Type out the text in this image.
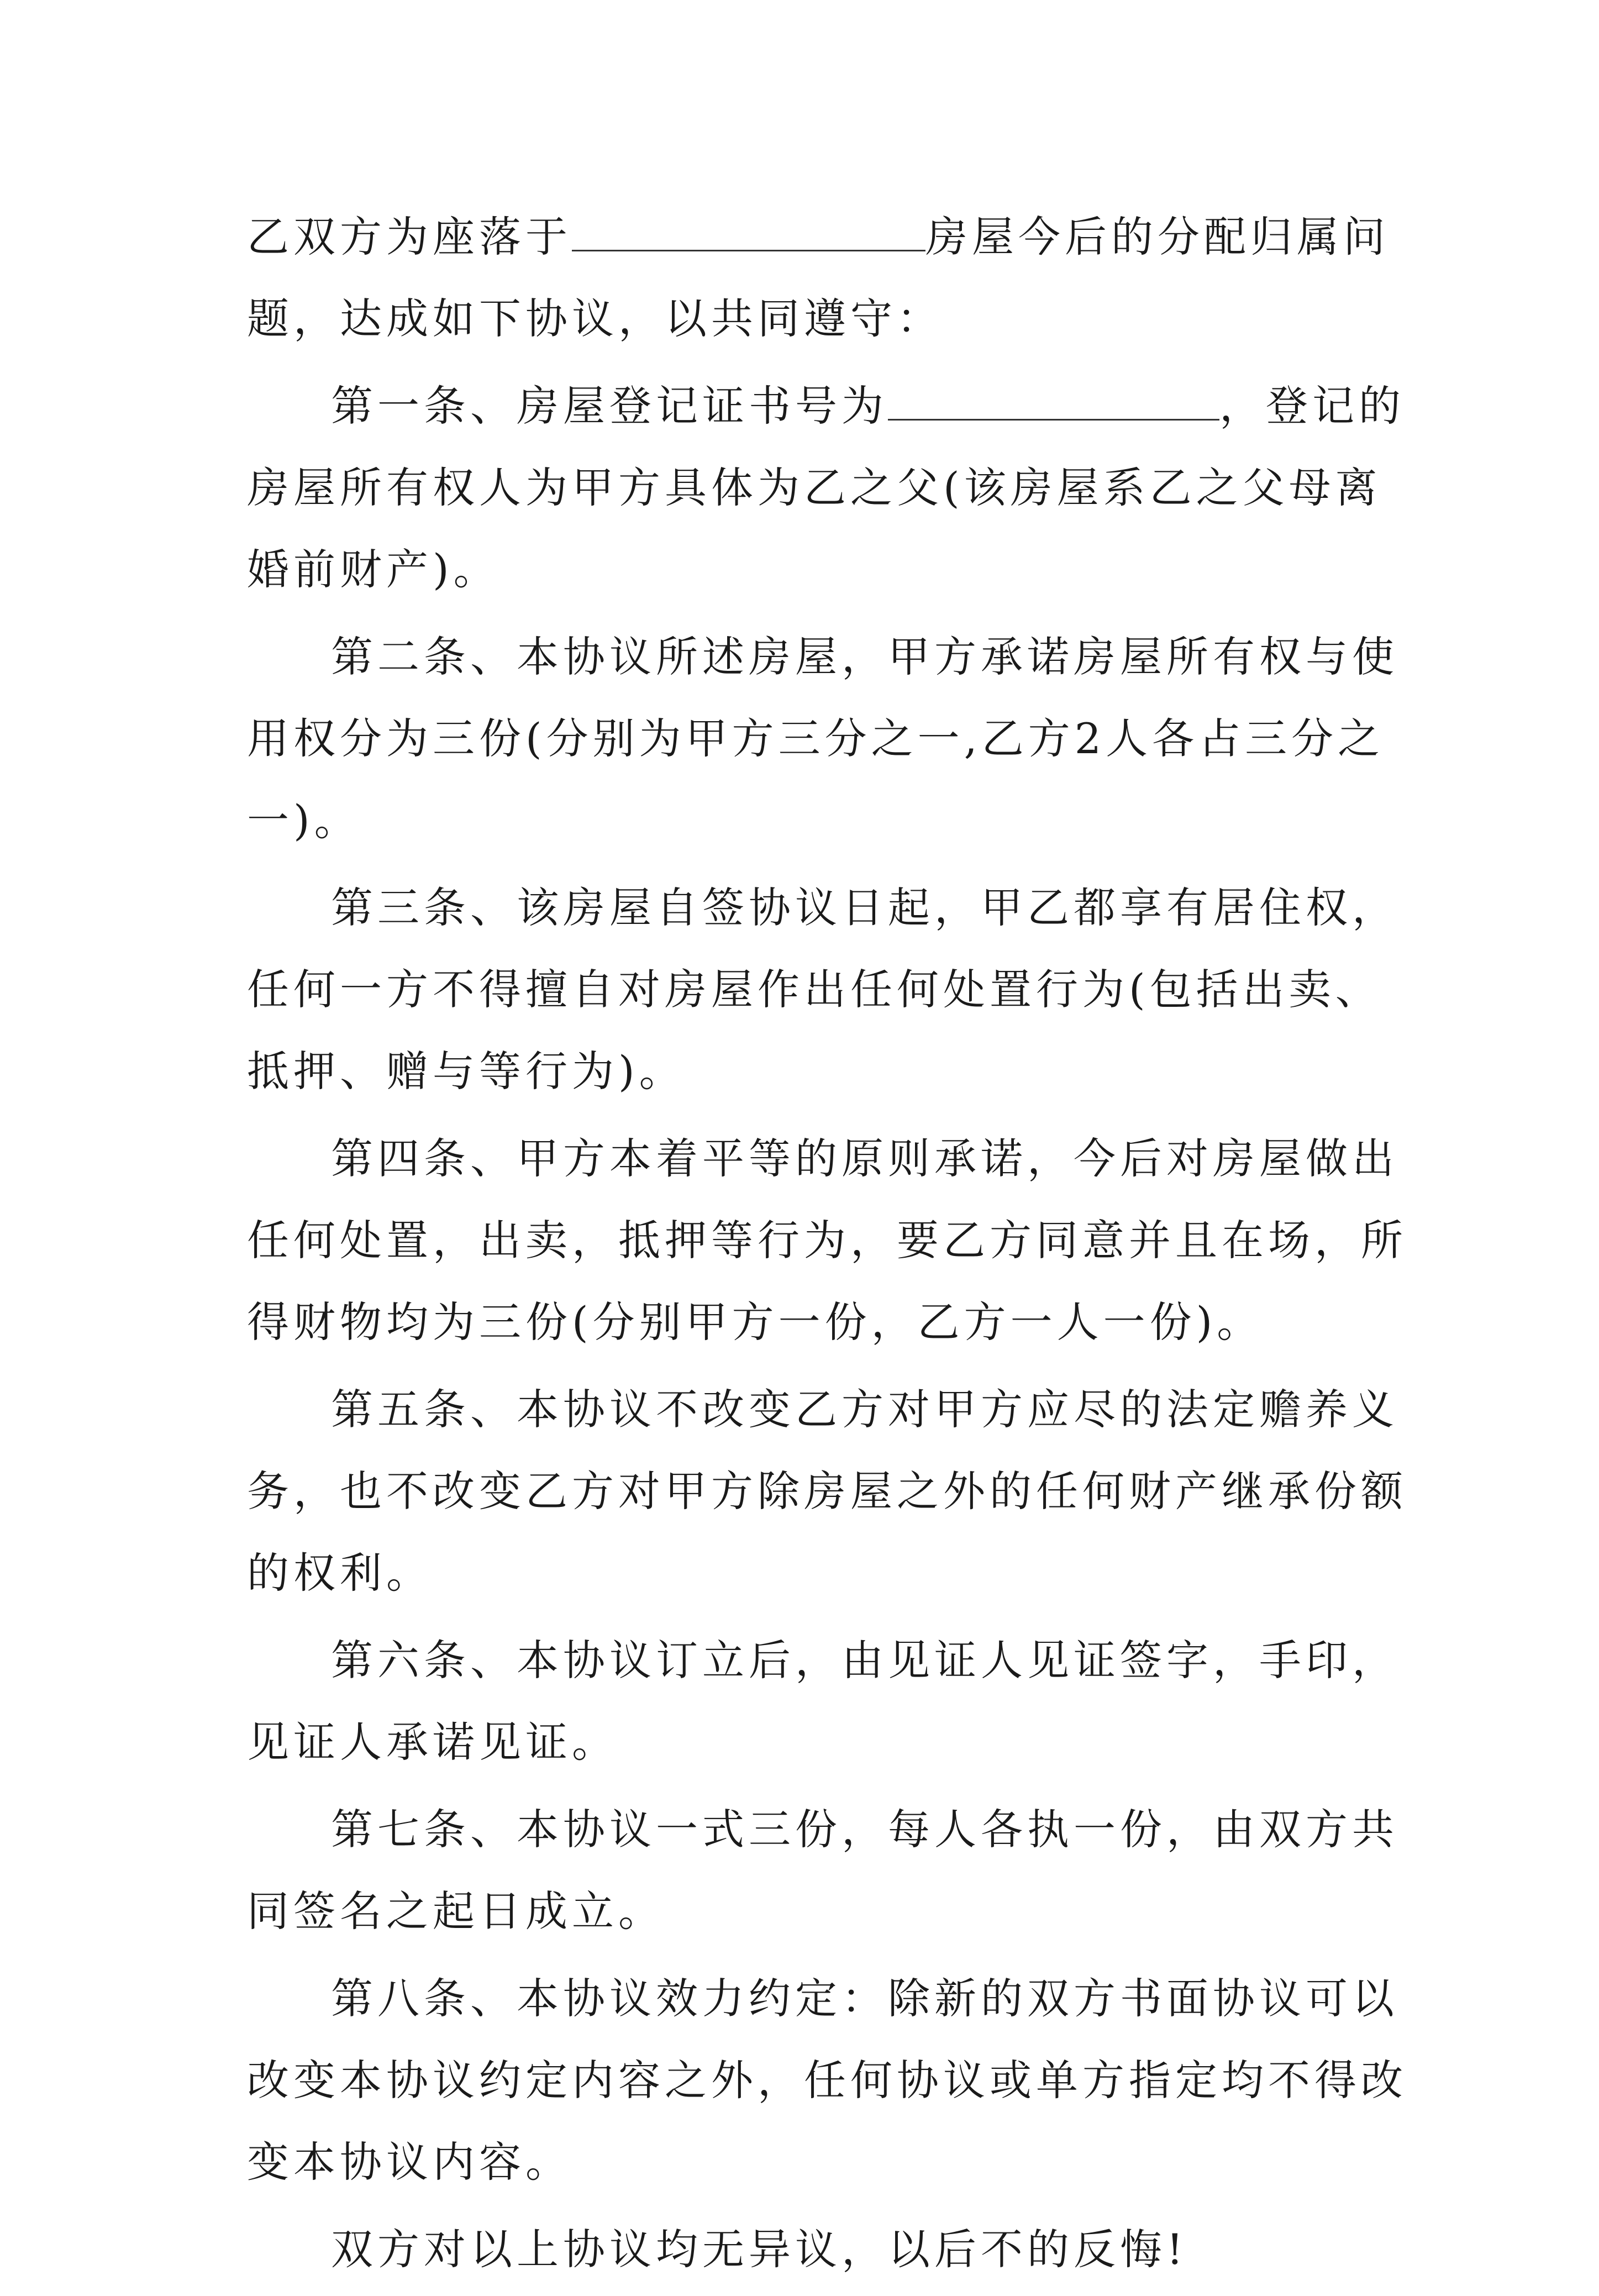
乙双方为座落于	房屋今后的分配归属问题，达成如下协议，以共同遵守：

第一条、房屋登记证书号为	，登记的房屋所有权人为甲方具体为乙之父(该房屋系乙之父母离婚前财产)。

第二条、本协议所述房屋，甲方承诺房屋所有权与使用权分为三份(分别为甲方三分之一,乙方2人各占三分之一)。

第三条、该房屋自签协议日起，甲乙都享有居住权，任何一方不得擅自对房屋作出任何处置行为(包括出卖、抵押、赠与等行为)。

第四条、甲方本着平等的原则承诺，今后对房屋做出任何处置，出卖，抵押等行为，要乙方同意并且在场，所得财物均为三份(分别甲方一份，乙方一人一份)。

第五条、本协议不改变乙方对甲方应尽的法定赡养义务，也不改变乙方对甲方除房屋之外的任何财产继承份额的权利。

第六条、本协议订立后，由见证人见证签字，手印，见证人承诺见证。

第七条、本协议一式三份，每人各执一份，由双方共同签名之起日成立。

第八条、本协议效力约定：除新的双方书面协议可以改变本协议约定内容之外，任何协议或单方指定均不得改变本协议内容。

双方对以上协议均无异议，以后不的反悔!
